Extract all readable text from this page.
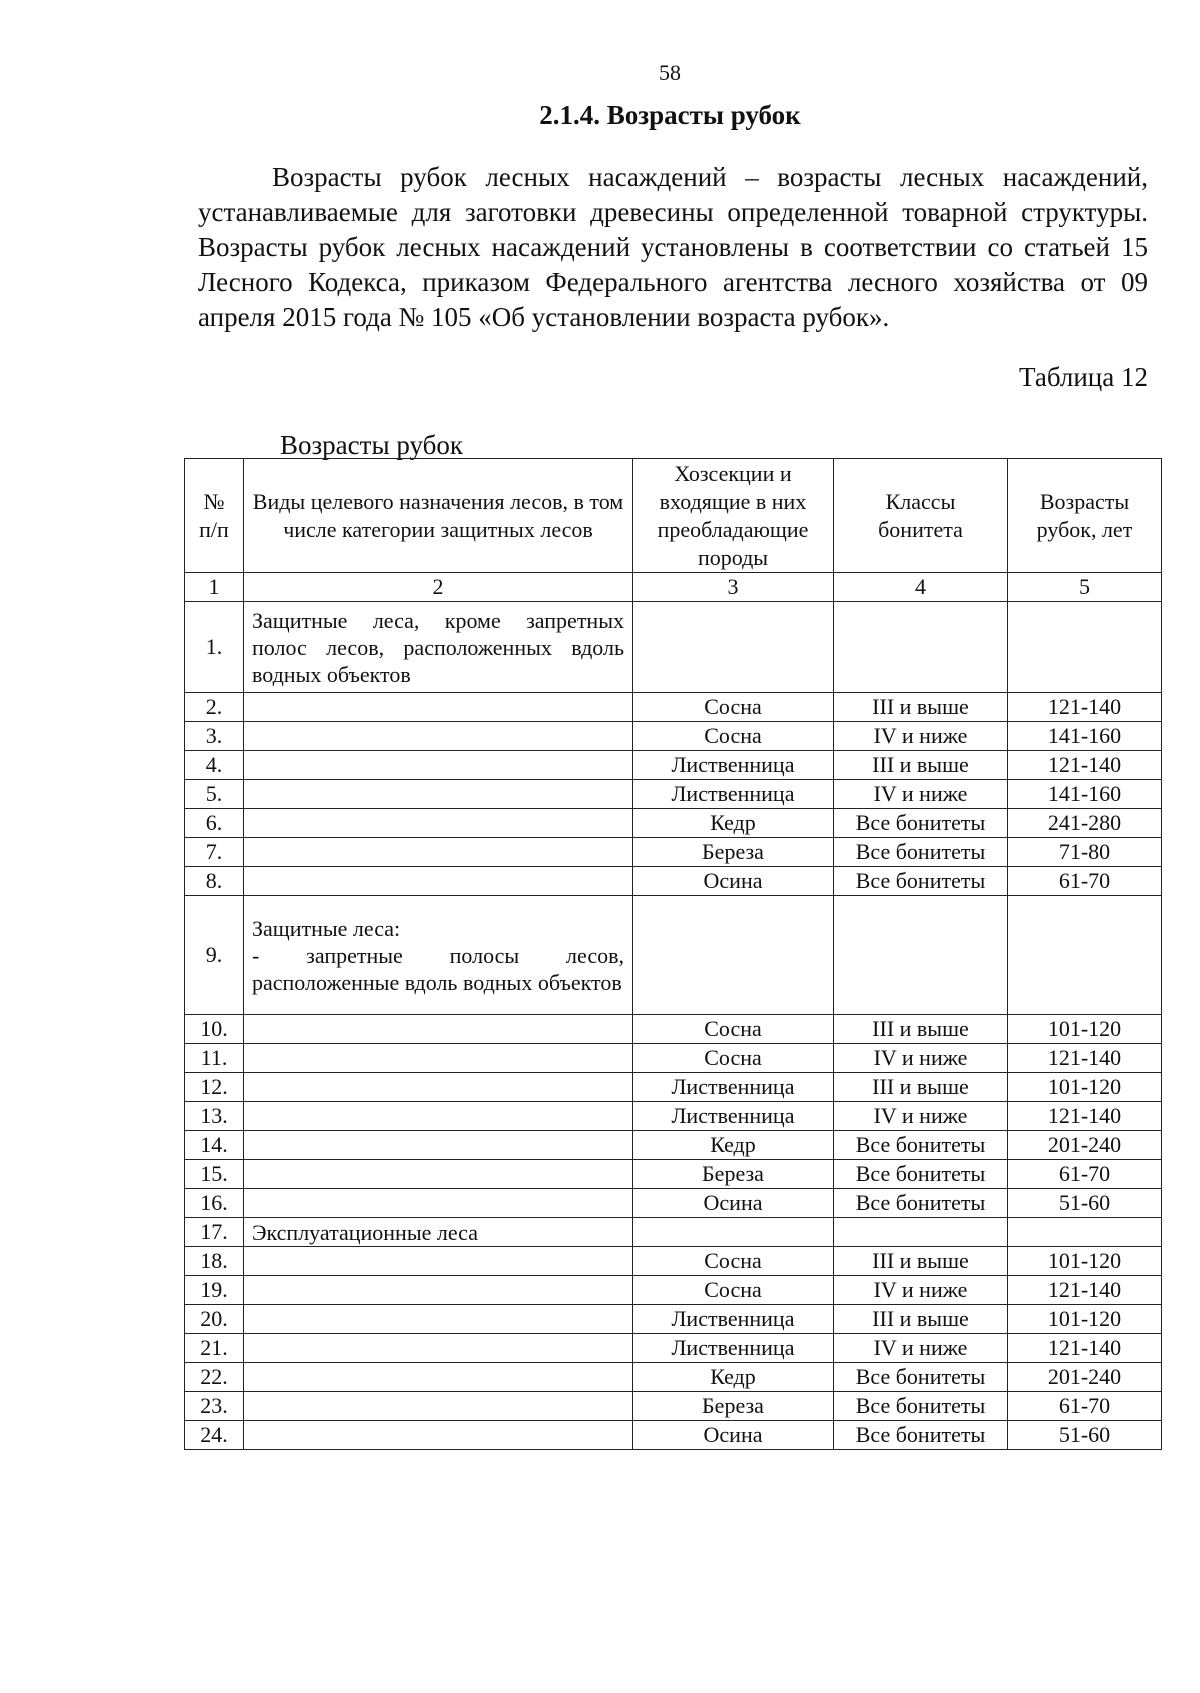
58
2.1.4. Возрасты рубок

Возрасты рубок лесных насаждений – возрасты лесных насаждений, устанавливаемые для заготовки древесины определенной товарной структуры. Возрасты рубок лесных насаждений установлены в соответствии со статьей 15 Лесного Кодекса, приказом Федерального агентства лесного хозяйства от 09 апреля 2015 года № 105 «Об установлении возраста рубок».

Таблица 12
Возрасты рубок
№ п/п	Виды целевого назначения лесов, в том числе категории защитных лесов	Хозсекции и входящие в них преобладающие породы	Классы бонитета	Возрасты рубок, лет
1	2	3	4	5
1.	Защитные леса, кроме запретных полос лесов, расположенных вдоль водных объектов			
2.		Сосна	III и выше	121-140
3.		Сосна	IV и ниже	141-160
4.		Лиственница	III и выше	121-140
5.		Лиственница	IV и ниже	141-160
6.		Кедр	Все бонитеты	241-280
7.		Береза	Все бонитеты	71-80
8.		Осина	Все бонитеты	61-70
9.	Защитные леса:
- запретные полосы лесов, расположенные вдоль водных объектов			

10.		Сосна	III и выше	101-120
11.		Сосна	IV и ниже	121-140
12.		Лиственница	III и выше	101-120
13.		Лиственница	IV и ниже	121-140
14.		Кедр	Все бонитеты	201-240
15.		Береза	Все бонитеты	61-70
16.		Осина	Все бонитеты	51-60
17.	Эксплуатационные леса			
18.		Сосна	III и выше	101-120
19.		Сосна	IV и ниже	121-140
20.		Лиственница	III и выше	101-120
21.		Лиственница	IV и ниже	121-140
22.		Кедр	Все бонитеты	201-240
23.		Береза	Все бонитеты	61-70
24.		Осина	Все бонитеты	51-60
